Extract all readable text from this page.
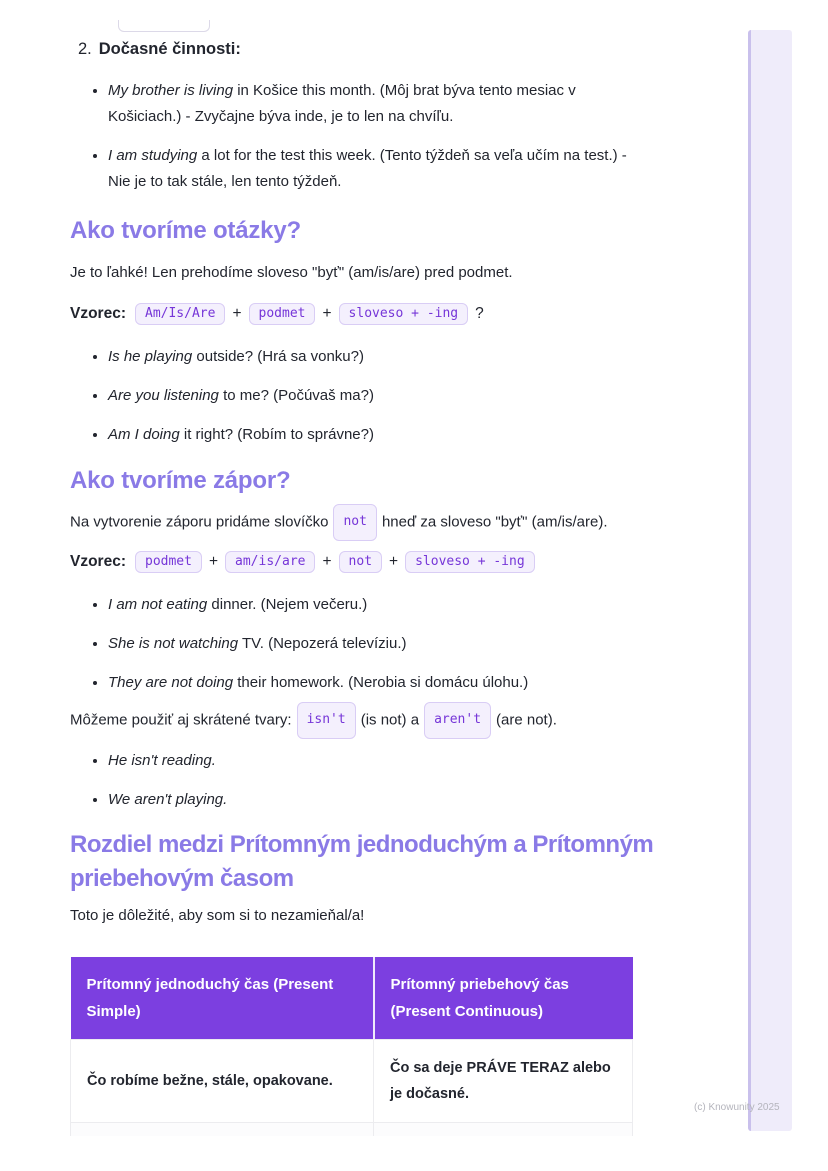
2. Dočasné činnosti:
• My brother is living in Košice this month. (Môj brat býva tento mesiac v Košiciach.) - Zvyčajne býva inde, je to len na chvíľu.
• I am studying a lot for the test this week. (Tento týždeň sa veľa učím na test.) - Nie je to tak stále, len tento týždeň.
Ako tvoríme otázky?

Je to ľahké! Len prehodíme sloveso "byť" (am/is/are) pred podmet.

Vzorec:	Am/Is/Are	+	podmet	+	sloveso + -ing	?
• Is he playing outside? (Hrá sa vonku?)
• Are you listening to me? (Počúvaš ma?)
• Am I doing it right? (Robím to správne?)
Ako tvoríme zápor?

Na vytvorenie záporu pridáme slovíčko not hneď za sloveso "byť" (am/is/are).

Vzorec:	podmet	+	am/is/are	+	not	+	sloveso + -ing
• I am not eating dinner. (Nejem večeru.)
• She is not watching TV. (Nepozerá televíziu.)
• They are not doing their homework. (Nerobia si domácu úlohu.)

Môžeme použiť aj skrátené tvary: isn't (is not) a aren't (are not).

• He isn't reading.
• We aren't playing.
Rozdiel medzi Prítomným jednoduchým a Prítomným priebehovým časom

Toto je dôležité, aby som si to nezamieňal/a!

Prítomný jednoduchý čas (Present Simple)	Prítomný priebehový čas (Present Continuous)
Čo robíme bežne, stále, opakovane.	Čo sa deje PRÁVE TERAZ alebo je dočasné.

(c) Knowunity 2025
